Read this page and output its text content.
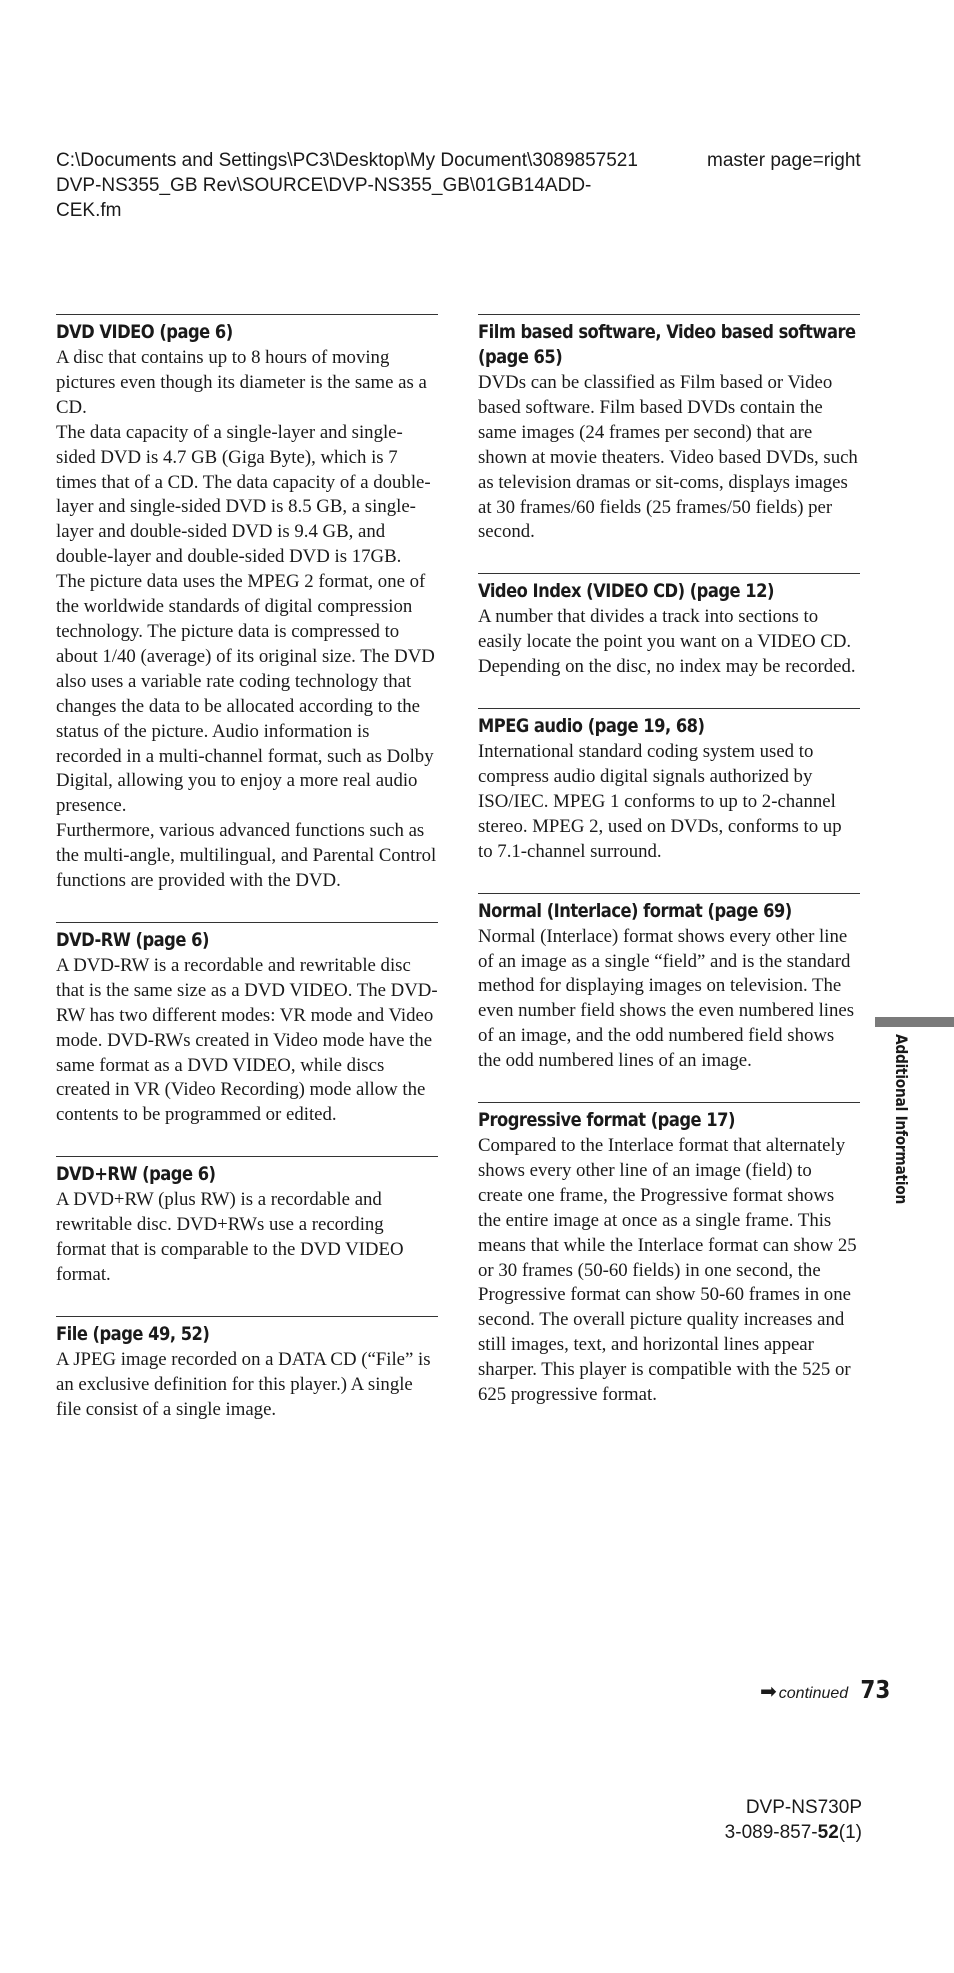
C:\Documents and Settings\PC3\Desktop\My Document\3089857521 DVP-NS355_GB Rev\SOURCE\DVP-NS355_GB\01GB14ADD-CEK.fm
master page=right
DVD VIDEO (page 6)

A disc that contains up to 8 hours of moving pictures even though its diameter is the same as a CD.

The data capacity of a single-layer and single-sided DVD is 4.7 GB (Giga Byte), which is 7 times that of a CD. The data capacity of a double-layer and single-sided DVD is 8.5 GB, a single-layer and double-sided DVD is 9.4 GB, and double-layer and double-sided DVD is 17GB.

The picture data uses the MPEG 2 format, one of the worldwide standards of digital compression technology. The picture data is compressed to about 1/40 (average) of its original size. The DVD also uses a variable rate coding technology that changes the data to be allocated according to the status of the picture. Audio information is recorded in a multi-channel format, such as Dolby Digital, allowing you to enjoy a more real audio presence.

Furthermore, various advanced functions such as the multi-angle, multilingual, and Parental Control functions are provided with the DVD.

DVD-RW (page 6)

A DVD-RW is a recordable and rewritable disc that is the same size as a DVD VIDEO. The DVD-RW has two different modes: VR mode and Video mode. DVD-RWs created in Video mode have the same format as a DVD VIDEO, while discs created in VR (Video Recording) mode allow the contents to be programmed or edited.

DVD+RW (page 6)

A DVD+RW (plus RW) is a recordable and rewritable disc. DVD+RWs use a recording format that is comparable to the DVD VIDEO format.

File (page 49, 52)

A JPEG image recorded on a DATA CD (“File” is an exclusive definition for this player.) A single file consist of a single image.

Film based software, Video based software (page 65)

DVDs can be classified as Film based or Video based software. Film based DVDs contain the same images (24 frames per second) that are shown at movie theaters. Video based DVDs, such as television dramas or sit-coms, displays images at 30 frames/60 fields (25 frames/50 fields) per second.

Video Index (VIDEO CD) (page 12)

A number that divides a track into sections to easily locate the point you want on a VIDEO CD. Depending on the disc, no index may be recorded.

MPEG audio (page 19, 68)

International standard coding system used to compress audio digital signals authorized by ISO/IEC. MPEG 1 conforms to up to 2-channel stereo. MPEG 2, used on DVDs, conforms to up to 7.1-channel surround.

Normal (Interlace) format (page 69)

Normal (Interlace) format shows every other line of an image as a single “field” and is the standard method for displaying images on television. The even number field shows the even numbered lines of an image, and the odd numbered field shows the odd numbered lines of an image.

Progressive format (page 17)

Compared to the Interlace format that alternately shows every other line of an image (field) to create one frame, the Progressive format shows the entire image at once as a single frame. This means that while the Interlace format can show 25 or 30 frames (50-60 fields) in one second, the Progressive format can show 50-60 frames in one second. The overall picture quality increases and still images, text, and horizontal lines appear sharper. This player is compatible with the 525 or 625 progressive format.

Additional Information
➡ continued 73
DVP-NS730P
3-089-857-52(1)
